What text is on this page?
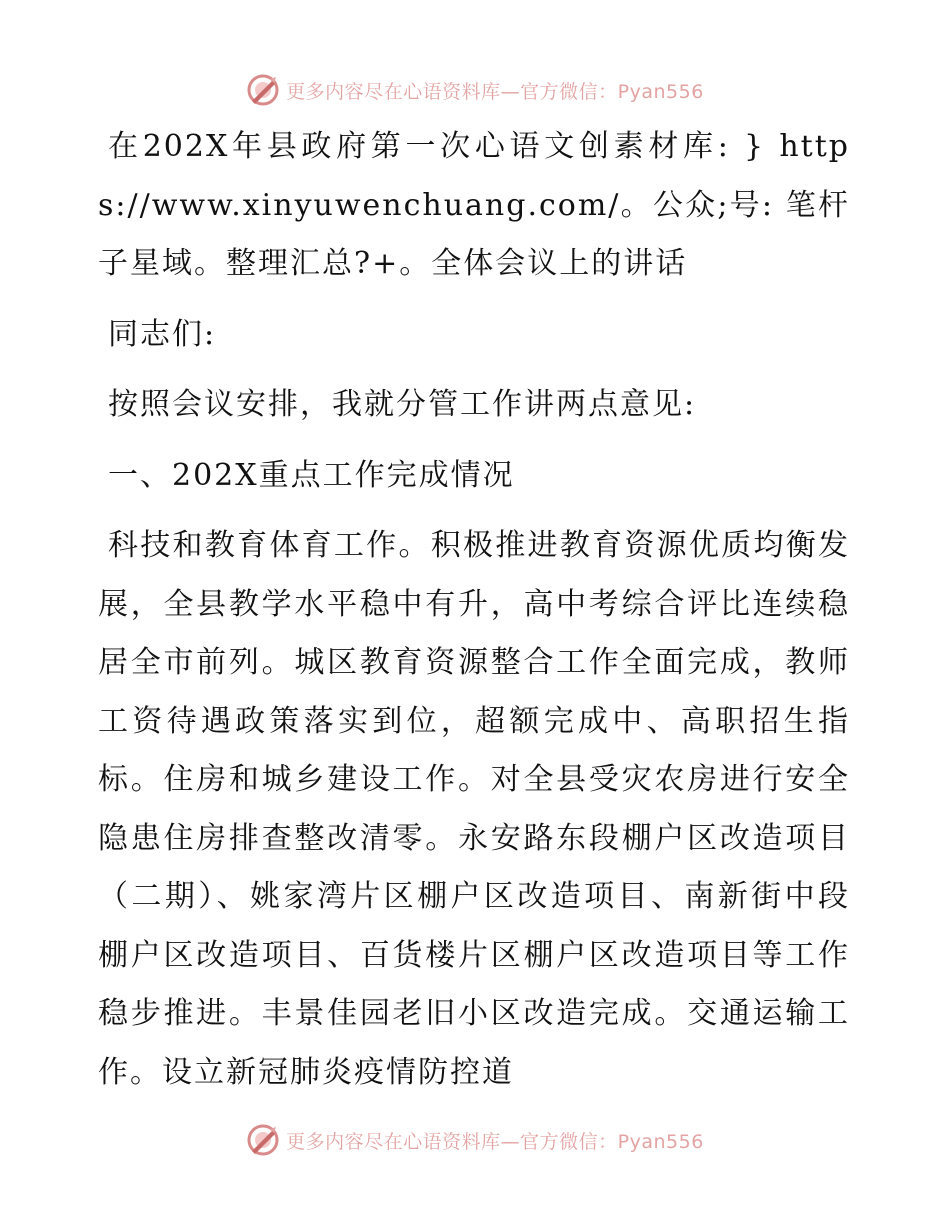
更多内容尽在心语资料库—官方微信：Pyan556

在202X年县政府第一次心语文创素材库: } https://www.xinyuwenchuang.com/。公众;号: 笔杆子星域。整理汇总?+。全体会议上的讲话

同志们:

按照会议安排，我就分管工作讲两点意见:

一、202X重点工作完成情况

科技和教育体育工作。积极推进教育资源优质均衡发展，全县教学水平稳中有升，高中考综合评比连续稳居全市前列。城区教育资源整合工作全面完成，教师工资待遇政策落实到位，超额完成中、高职招生指标。住房和城乡建设工作。对全县受灾农房进行安全隐患住房排查整改清零。永安路东段棚户区改造项目（二期）、姚家湾片区棚户区改造项目、南新街中段棚户区改造项目、百货楼片区棚户区改造项目等工作稳步推进。丰景佳园老旧小区改造完成。交通运输工作。设立新冠肺炎疫情防控道

更多内容尽在心语资料库—官方微信：Pyan556
